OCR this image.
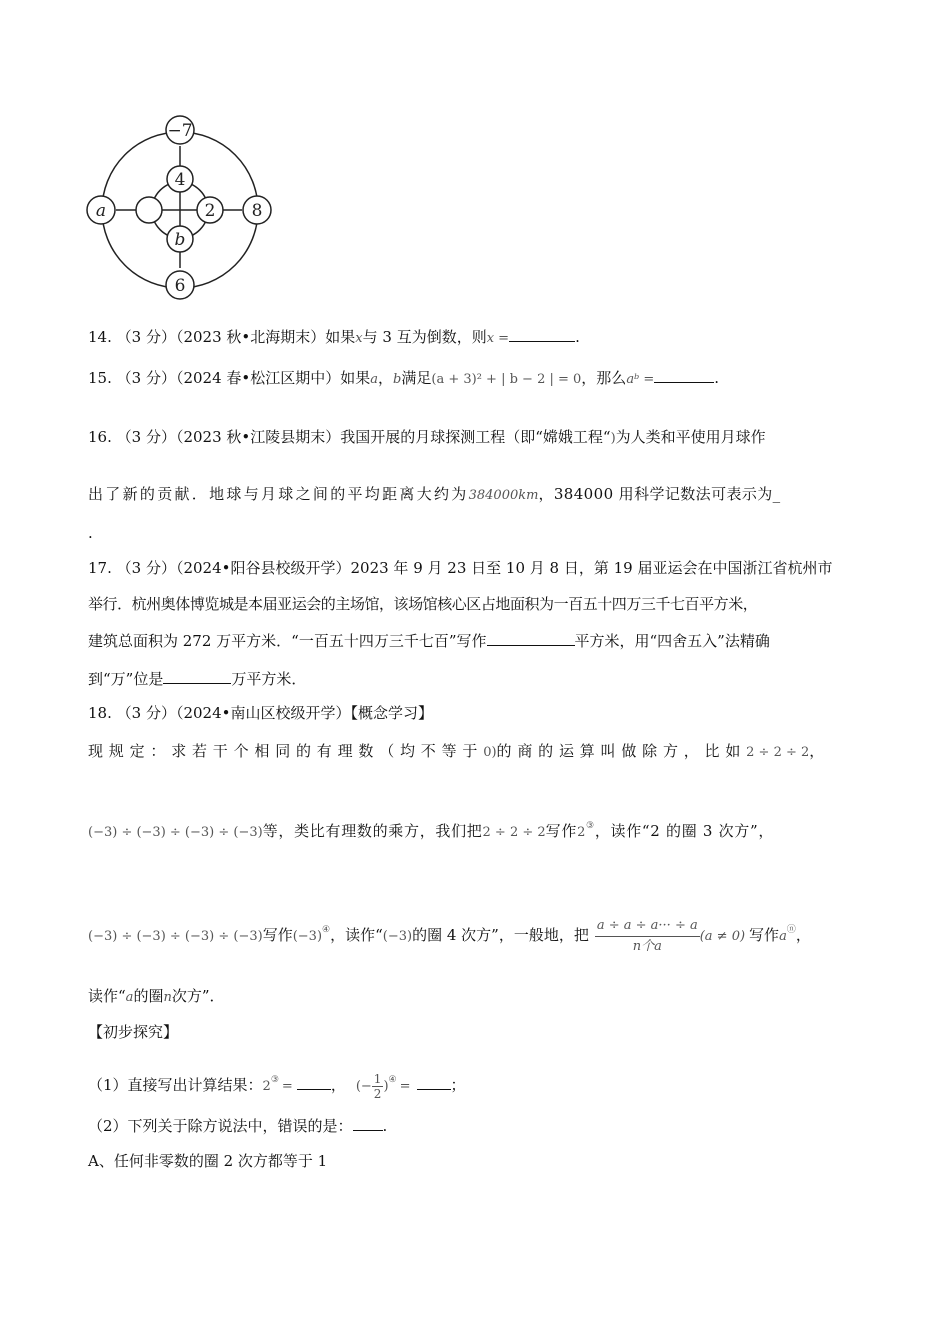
−7
4
a	2 8
b
6
14. （3 分）（2023 秋•北海期末）如果x与 3 互为倒数，则x =	.
15. （3 分）（2024 春•松江区期中）如果a，b满足(a + 3)² + | b − 2 | = 0，那么aᵇ =	.
16. （3 分）（2023 秋•江陵县期末）我国开展的月球探测工程（即“嫦娥工程“)为人类和平使用月球作
出了新的贡献．地球与月球之间的平均距离大约为384000km，384000 用科学记数法可表示为_
.
17. （3 分）（2024•阳谷县校级开学）2023 年 9 月 23 日至 10 月 8 日，第 19 届亚运会在中国浙江省杭州市
举行．杭州奥体博览城是本届亚运会的主场馆，该场馆核心区占地面积为一百五十四万三千七百平方米，
建筑总面积为 272 万平方米．“一百五十四万三千七百”写作	平方米，用“四舍五入”法精确
到“万”位是	万平方米．
18. （3 分）（2024•南山区校级开学）【概念学习】
现规定：求若干个相同的有理数（均不等于0)的商的运算叫做除方，比如2 ÷ 2 ÷ 2，
(−3) ÷ (−3) ÷ (−3) ÷ (−3)等，类比有理数的乘方，我们把2 ÷ 2 ÷ 2写作2③，读作“2 的圈 3 次方”，
(−3) ÷ (−3) ÷ (−3) ÷ (−3)写作(−3)④，读作“(−3)的圈 4 次方”，一般地，把 $\frac{a \div a \div a\cdot\cdot\cdot \div a}{\text{n个a}} (a \ne 0)$ 写作aⓝ，
读作“a的圈n次方”．
【初步探究】
（1）直接写出计算结果：2③ =	， (− $\frac{1}{2} )^④$ =	；
（2）下列关于除方说法中，错误的是： .
A、任何非零数的圈 2 次方都等于 1
